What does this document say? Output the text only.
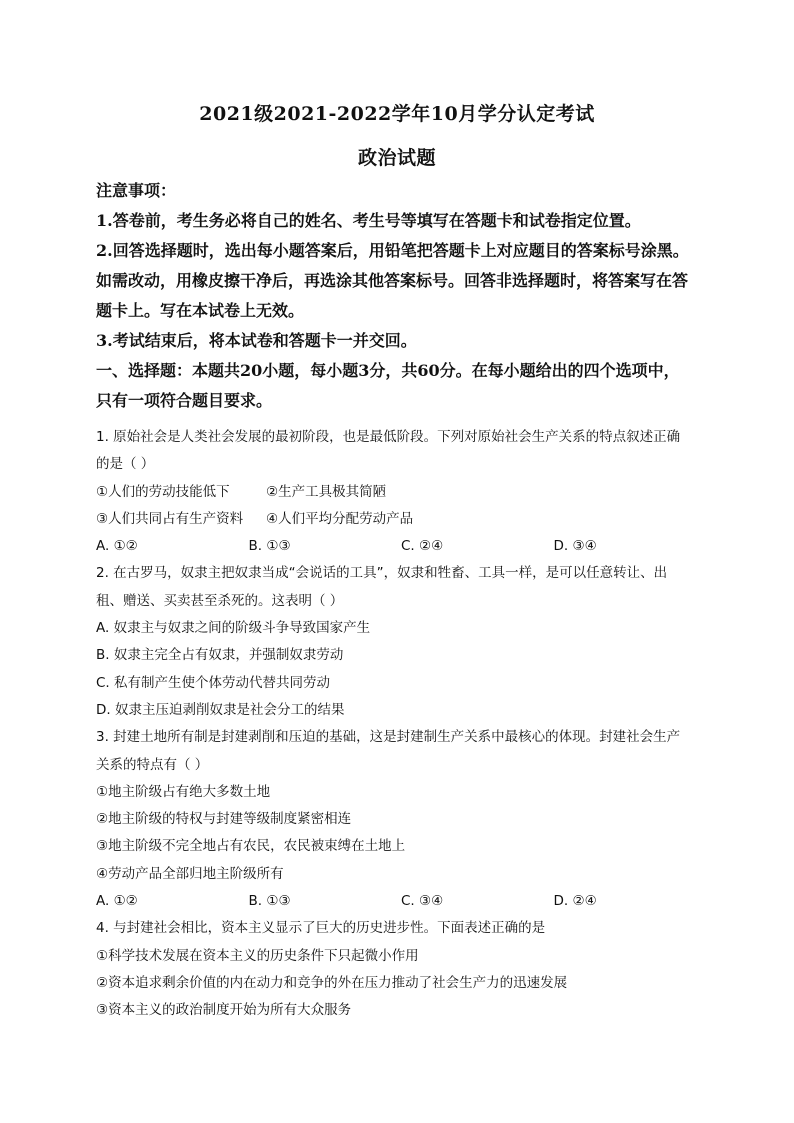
2021级2021-2022学年10月学分认定考试
政治试题
注意事项：
1.答卷前，考生务必将自己的姓名、考生号等填写在答题卡和试卷指定位置。
2.回答选择题时，选出每小题答案后，用铅笔把答题卡上对应题目的答案标号涂黑。
如需改动，用橡皮擦干净后，再选涂其他答案标号。回答非选择题时，将答案写在答
题卡上。写在本试卷上无效。
3.考试结束后，将本试卷和答题卡一并交回。
一、选择题：本题共20小题，每小题3分，共60分。在每小题给出的四个选项中，
只有一项符合题目要求。
1. 原始社会是人类社会发展的最初阶段，也是最低阶段。下列对原始社会生产关系的特点叙述正确
的是（ ）
①人们的劳动技能低下	②生产工具极其简陋
③人们共同占有生产资料 ④人们平均分配劳动产品
A. ①②	B. ①③	C. ②④	D. ③④
2. 在古罗马，奴隶主把奴隶当成“会说话的工具”，奴隶和牲畜、工具一样，是可以任意转让、出
租、赠送、买卖甚至杀死的。这表明（ ）
A. 奴隶主与奴隶之间的阶级斗争导致国家产生
B. 奴隶主完全占有奴隶，并强制奴隶劳动
C. 私有制产生使个体劳动代替共同劳动
D. 奴隶主压迫剥削奴隶是社会分工的结果
3. 封建土地所有制是封建剥削和压迫的基础，这是封建制生产关系中最核心的体现。封建社会生产
关系的特点有（ ）
①地主阶级占有绝大多数土地
②地主阶级的特权与封建等级制度紧密相连
③地主阶级不完全地占有农民，农民被束缚在土地上
④劳动产品全部归地主阶级所有
A. ①②	B. ①③	C. ③④	D. ②④
4. 与封建社会相比，资本主义显示了巨大的历史进步性。下面表述正确的是
①科学技术发展在资本主义的历史条件下只起微小作用
②资本追求剩余价值的内在动力和竞争的外在压力推动了社会生产力的迅速发展
③资本主义的政治制度开始为所有大众服务
